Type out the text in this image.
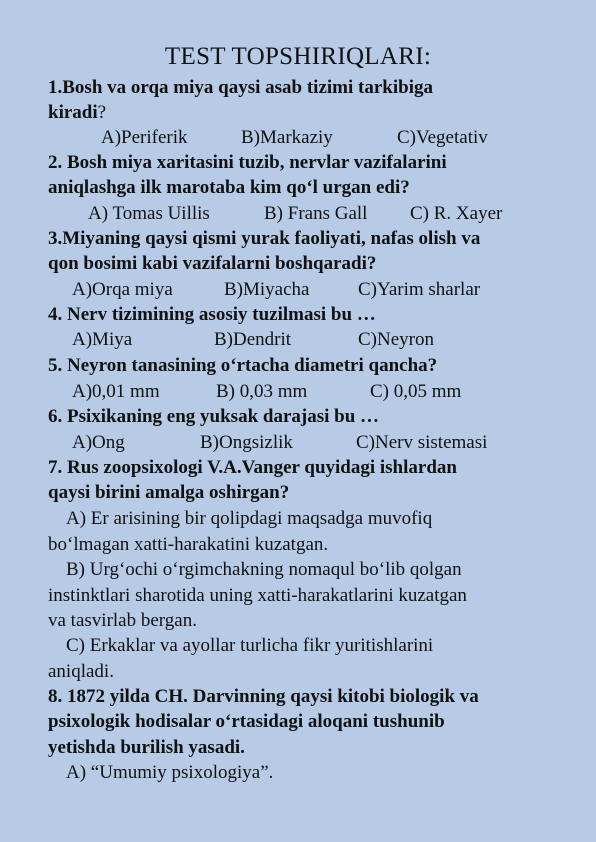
TEST TOPSHIRIQLARI:
1.Bosh va orqa miya qaysi asab tizimi tarkibiga
kiradi?
A)Periferik	B)Markaziy	C)Vegetativ
2. Bosh miya xaritasini tuzib, nervlar vazifalarini
aniqlashga ilk marotaba kim qo‘l urgan edi?
A) Tomas Uillis	B) Frans Gall C) R. Xayer
3.Miyaning qaysi qismi yurak faoliyati, nafas olish va
qon bosimi kabi vazifalarni boshqaradi?
A)Orqa miya	B)Miyacha	C)Yarim sharlar
4. Nerv tizimining asosiy tuzilmasi bu …
A)Miya	B)Dendrit	C)Neyron
5. Neyron tanasining o‘rtacha diametri qancha?
A)0,01 mm	B) 0,03 mm	C) 0,05 mm
6. Psixikaning eng yuksak darajasi bu …
A)Ong	B)Ongsizlik	C)Nerv sistemasi
7. Rus zoopsixologi V.A.Vanger quyidagi ishlardan
qaysi birini amalga oshirgan?
A) Er arisining bir qolipdagi maqsadga muvofiq
bo‘lmagan xatti-harakatini kuzatgan.
B) Urg‘ochi o‘rgimchakning nomaqul bo‘lib qolgan
instinktlari sharotida uning xatti-harakatlarini kuzatgan
va tasvirlab bergan.
C) Erkaklar va ayollar turlicha fikr yuritishlarini
aniqladi.
8. 1872 yilda CH. Darvinning qaysi kitobi biologik va
psixologik hodisalar o‘rtasidagi aloqani tushunib
yetishda burilish yasadi.
A) “Umumiy psixologiya”.
